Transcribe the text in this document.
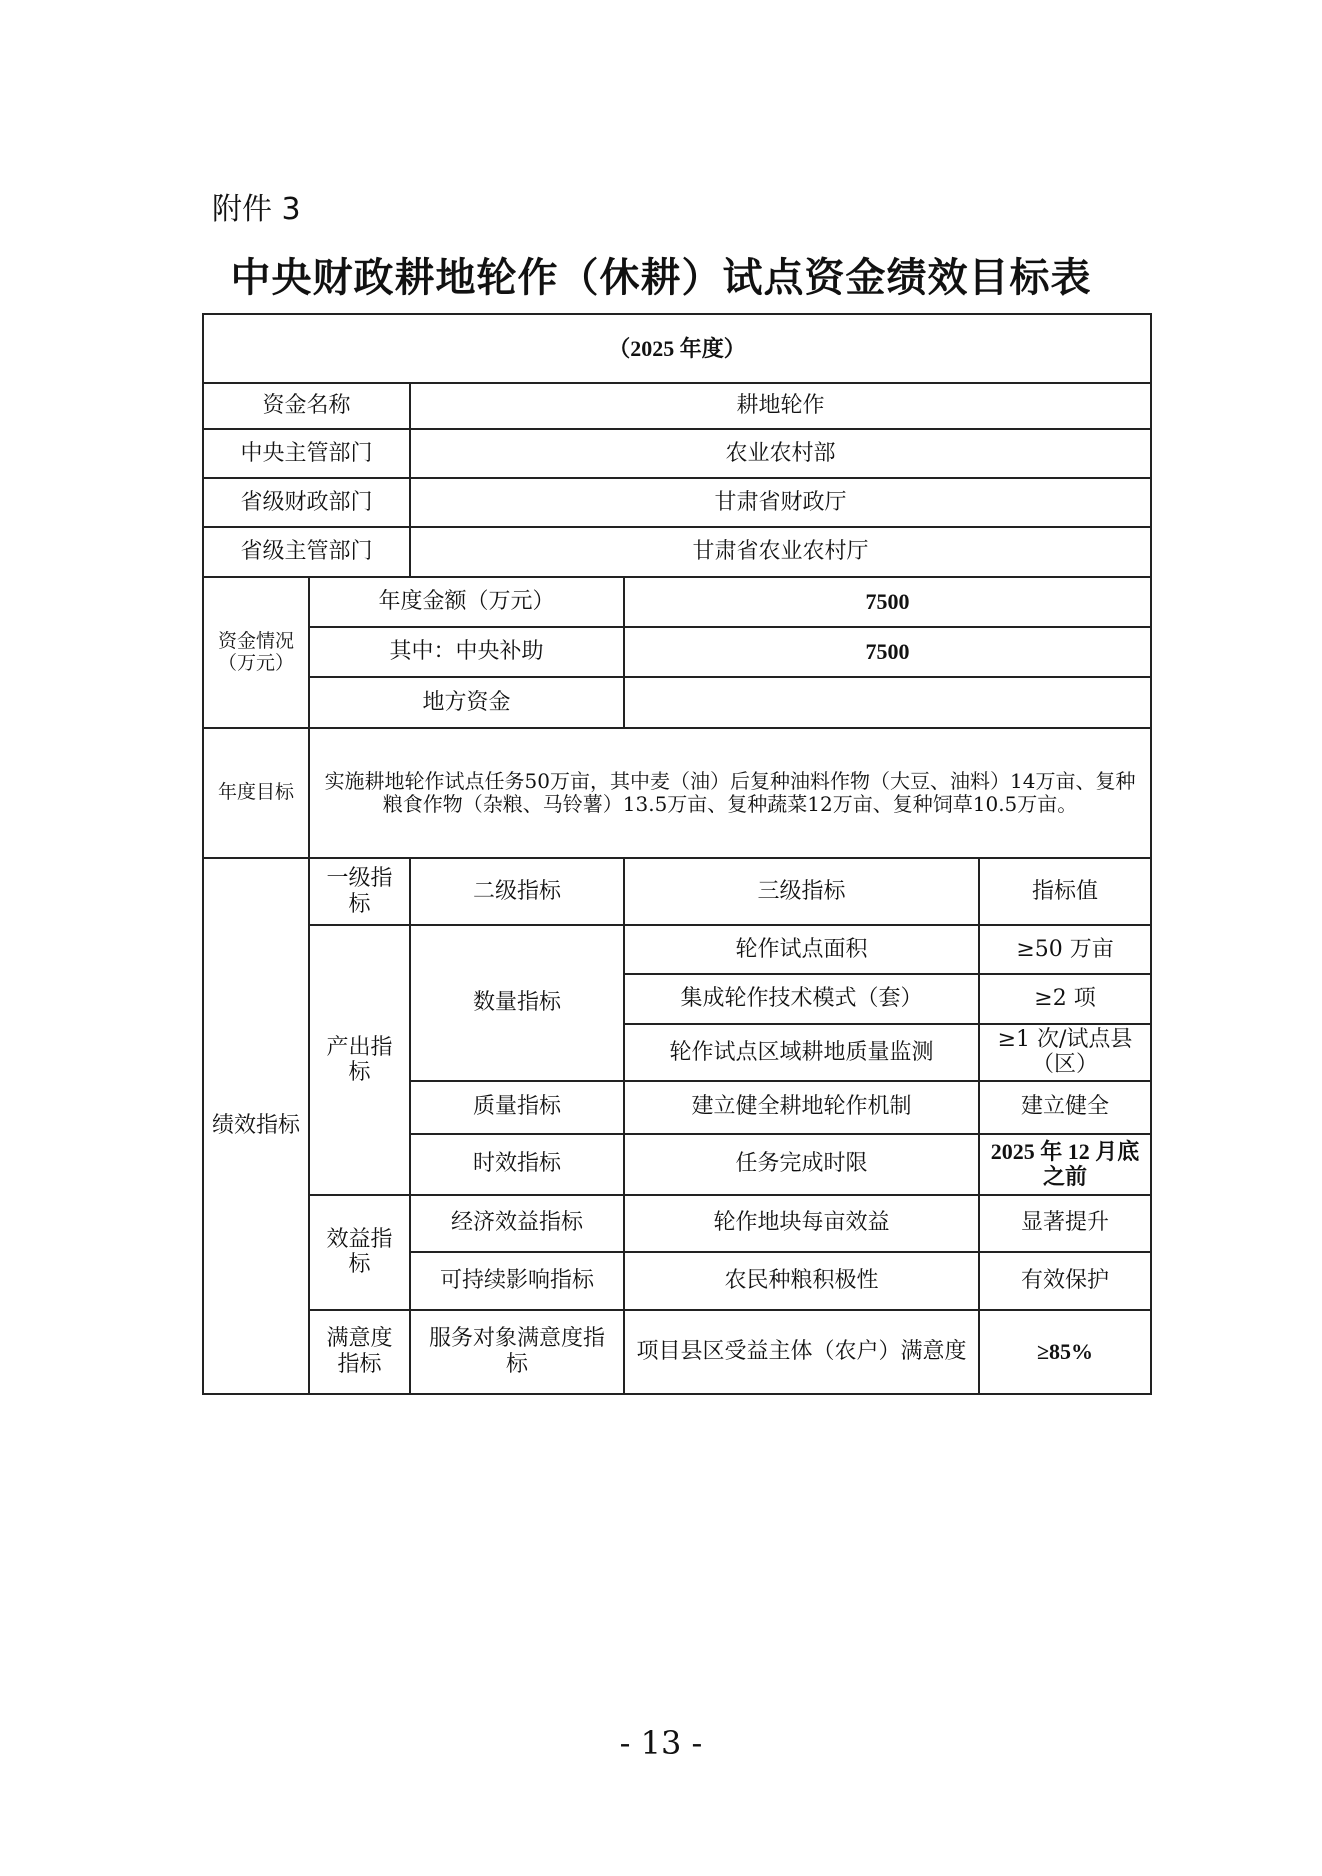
附件 3
中央财政耕地轮作（休耕）试点资金绩效目标表
（2025 年度）				
资金名称		耕地轮作		
中央主管部门		农业农村部		
省级财政部门		甘肃省财政厅		
省级主管部门		甘肃省农业农村厅		
资金情况（万元）	年度金额（万元）		7500	
	其中：中央补助		7500	
	地方资金			
年度目标	实施耕地轮作试点任务50万亩，其中麦（油）后复种油料作物（大豆、油料）14万亩、复种粮食作物（杂粮、马铃薯）13.5万亩、复种蔬菜12万亩、复种饲草10.5万亩。			
绩效指标	一级指标	二级指标	三级指标	指标值
	产出指标	数量指标	轮作试点面积	≥50 万亩
			集成轮作技术模式（套）	≥2 项
			轮作试点区域耕地质量监测	≥1 次/试点县（区）
		质量指标	建立健全耕地轮作机制	建立健全
		时效指标	任务完成时限	2025 年 12 月底之前
	效益指标	经济效益指标	轮作地块每亩效益	显著提升
		可持续影响指标	农民种粮积极性	有效保护
	满意度指标	服务对象满意度指标	项目县区受益主体（农户）满意度	≥85%
- 13 -
